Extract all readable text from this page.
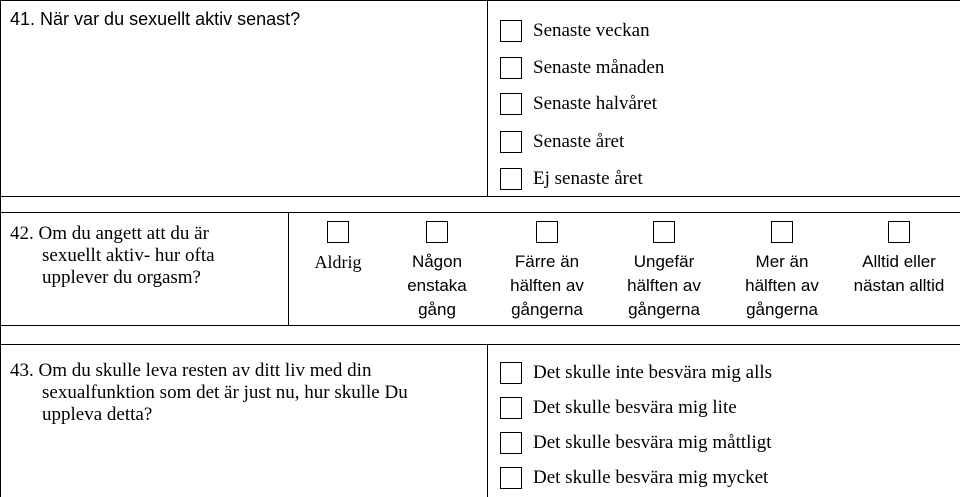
41. När var du sexuellt aktiv senast?
Senaste veckan
Senaste månaden
Senaste halvåret
Senaste året
Ej senaste året
42. Om du angett att du är
sexuellt aktiv- hur ofta
upplever du orgasm?
Aldrig	Någon
enstaka
gång
Färre än
hälften av
gångerna
Ungefär
hälften av
gångerna
Mer än
hälften av
gångerna
Alltid eller
nästan alltid
43. Om du skulle leva resten av ditt liv med din
sexualfunktion som det är just nu, hur skulle Du
uppleva detta?
Det skulle inte besvära mig alls
Det skulle besvära mig lite
Det skulle besvära mig måttligt
Det skulle besvära mig mycket
